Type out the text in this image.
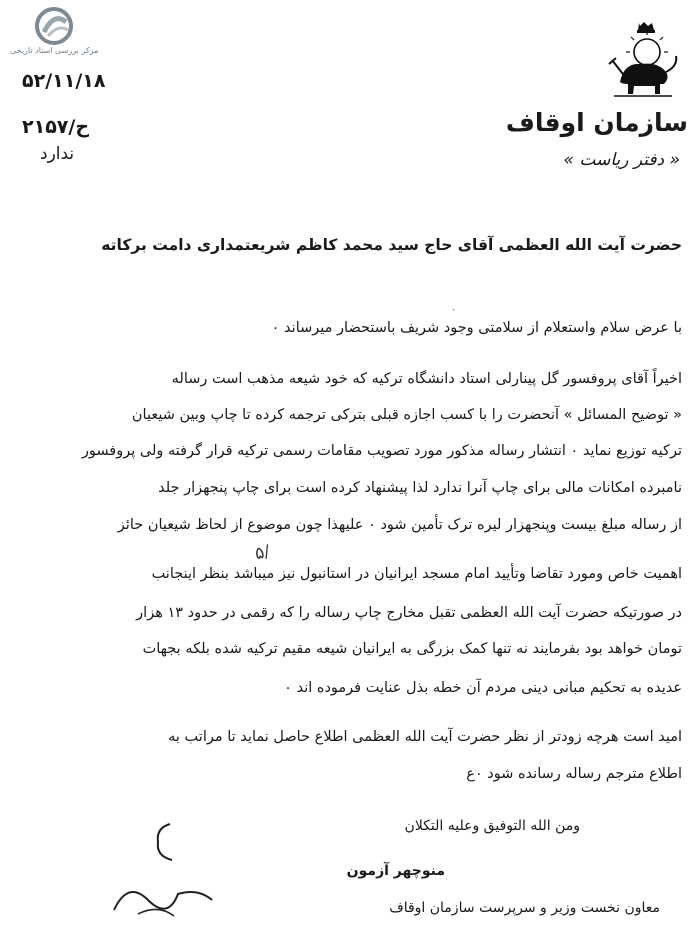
مرکز بررسی اسناد تاریخی
سازمان اوقاف
« دفتر ریاست »
۵۲/۱۱/۱۸
۲۱۵۷/ح
ندارد
حضرت آیت الله العظمی آقای حاج سید محمد کاظم شریعتمداری دامت برکاته
با عرض سلام واستعلام از سلامتی وجود شریف باستحضار میرساند ۰
اخیراً آقای پروفسور گل پینارلی استاد دانشگاه ترکیه که خود شیعه مذهب است رساله
« توضیح المسائل » آنحضرت را با کسب اجازه قبلی بترکی ترجمه کرده تا چاپ وبین شیعیان
ترکیه توزیع نماید ۰ انتشار رساله مذکور مورد تصویب مقامات رسمی ترکیه قرار گرفته ولی پروفسور
نامبرده امکانات مالی برای چاپ آنرا ندارد لذا پیشنهاد کرده است برای چاپ پنجهزار جلد
از رساله مبلغ بیست وپنجهزار لیره ترک تأمین شود ۰ علیهذا چون موضوع از لحاظ شیعیان حائز
اهمیت خاص ومورد تقاضا وتأیید امام مسجد ایرانیان در استانبول نیز میباشد بنظر اینجانب
در صورتیکه حضرت آیت الله العظمی تقبل مخارج چاپ رساله را که رقمی در حدود ۱۳ هزار
تومان خواهد بود بفرمایند نه تنها کمک بزرگی به ایرانیان شیعه مقیم ترکیه شده بلکه بجهات
عدیده به تحکیم مبانی دینی مردم آن خطه بذل عنایت فرموده اند ۰
امید است هرچه زودتر از نظر حضرت آیت الله العظمی اطلاع حاصل نماید تا مراتب به
اطلاع مترجم رساله رسانده شود ۰ع
ومن الله التوفیق وعلیه التکلان
منوچهر آزمون
معاون نخست وزیر و سرپرست سازمان اوقاف
۵/
ˏ
